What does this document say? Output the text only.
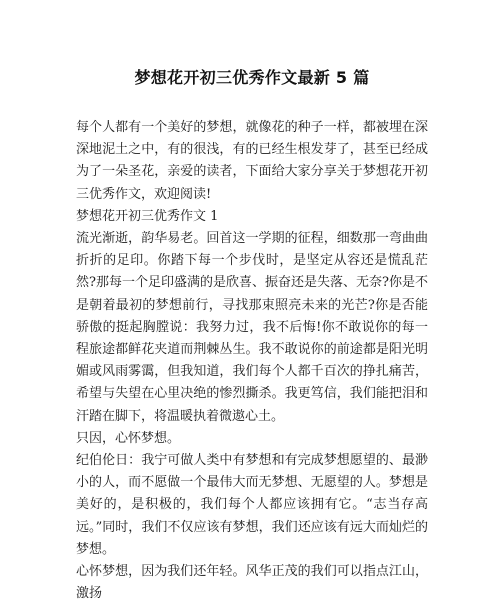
梦想花开初三优秀作文最新 5 篇

每个人都有一个美好的梦想，就像花的种子一样，都被埋在深深地泥土之中，有的很浅，有的已经生根发芽了，甚至已经成为了一朵圣花，亲爱的读者，下面给大家分享关于梦想花开初三优秀作文，欢迎阅读!

梦想花开初三优秀作文 1

流光渐逝，韵华易老。回首这一学期的征程，细数那一弯曲曲折折的足印。你踏下每一个步伐时，是坚定从容还是慌乱茫然?那每一个足印盛满的是欣喜、振奋还是失落、无奈?你是不是朝着最初的梦想前行，寻找那束照亮未来的光芒?你是否能骄傲的挺起胸膛说：我努力过，我不后悔!你不敢说你的每一程旅途都鲜花夹道而荆棘丛生。我不敢说你的前途都是阳光明媚或风雨雾霭，但我知道，我们每个人都千百次的挣扎痛苦，希望与失望在心里决绝的惨烈撕杀。我更笃信，我们能把泪和汗踏在脚下，将温暖执着微遨心土。

只因，心怀梦想。

纪伯伦日：我宁可做人类中有梦想和有完成梦想愿望的、最渺小的人，而不愿做一个最伟大而无梦想、无愿望的人。梦想是美好的，是积极的，我们每个人都应该拥有它。“志当存高远。”同时，我们不仅应该有梦想，我们还应该有远大而灿烂的梦想。

心怀梦想，因为我们还年轻。风华正茂的我们可以指点江山，激扬
